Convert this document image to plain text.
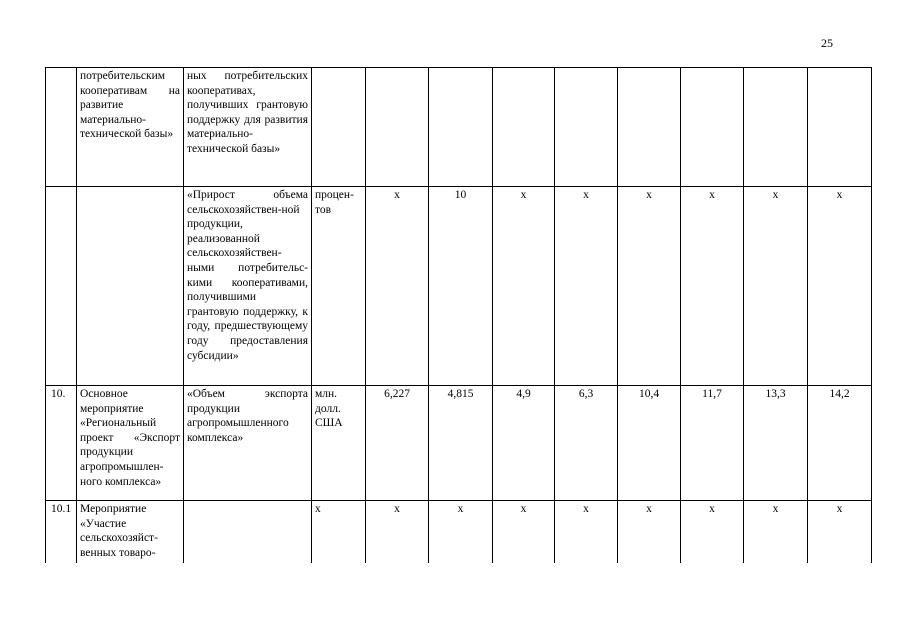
25
	потребительским кооперативам на развитие материально-технической базы»	ных потребительских кооперативах, получивших грантовую поддержку для развития материально-технической базы»									
		«Прирост объема сельскохозяйствен-ной продукции, реализованной сельскохозяйствен-ными потребительс-кими кооперативами, получившими грантовую поддержку, к году, предшествующему году предоставления субсидии»	процен-тов	х	10	х	х	х	х	х	х
10.	Основное мероприятие «Региональный проект «Экспорт продукции агропромышлен-ного комплекса»	«Объем экспорта продукции агропромышленного комплекса»	млн. долл. США	6,227	4,815	4,9	6,3	10,4	11,7	13,3	14,2
10.1	Мероприятие «Участие сельскохозяйст-венных товаро-		х	х	х	х	х	х	х	х	х
